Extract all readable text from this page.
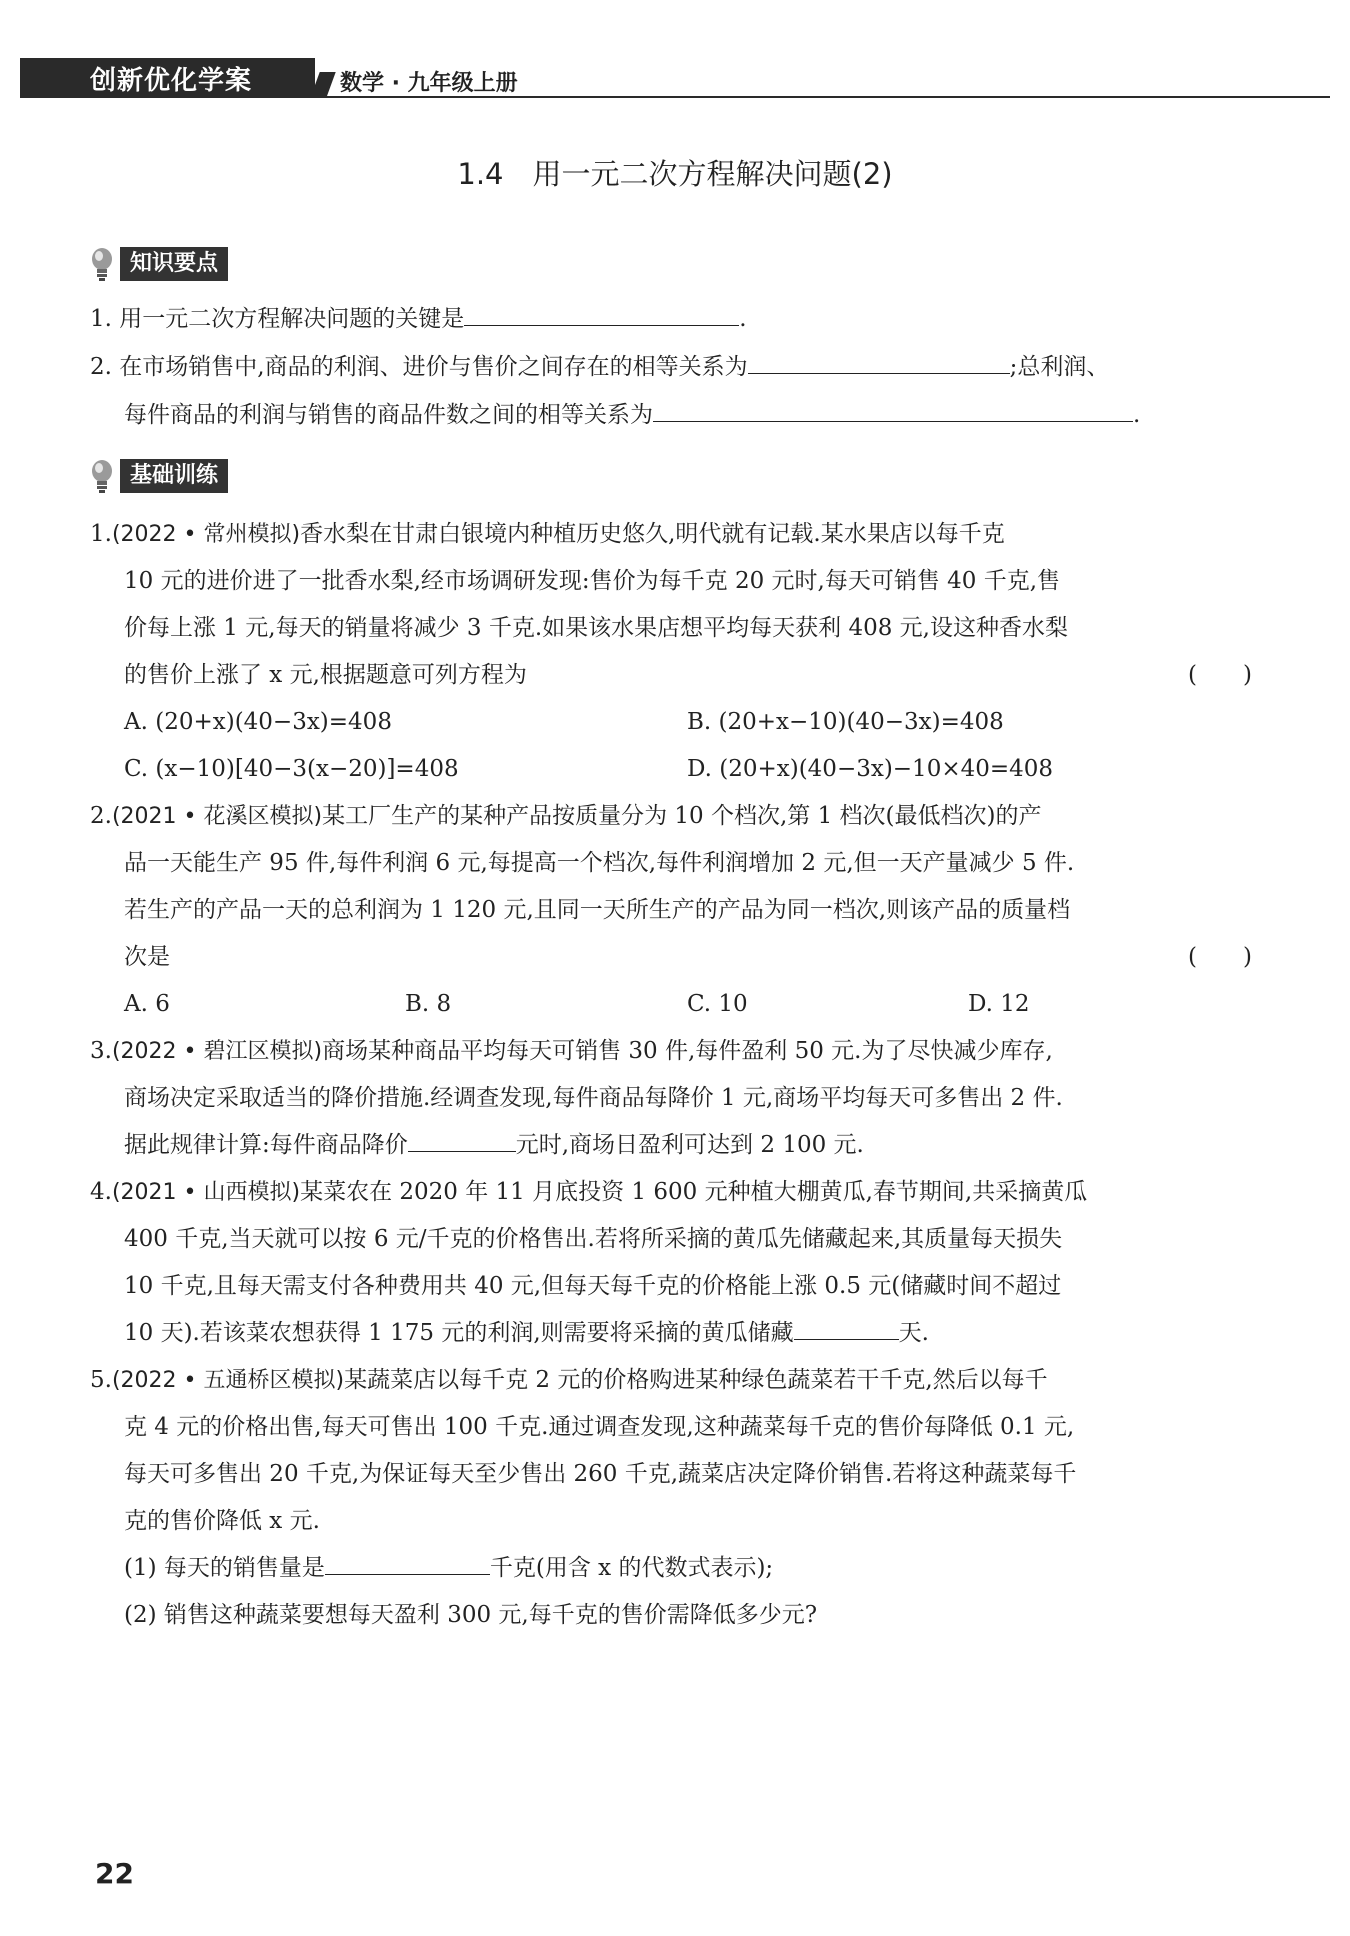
创新优化学案	数学 · 九年级上册
1.4　用一元二次方程解决问题(2)
知识要点
1. 用一元二次方程解决问题的关键是	.
2. 在市场销售中,商品的利润、进价与售价之间存在的相等关系为	;总利润、
每件商品的利润与销售的商品件数之间的相等关系为	.
基础训练
1.(2022 • 常州模拟)香水梨在甘肃白银境内种植历史悠久,明代就有记载.某水果店以每千克
10 元的进价进了一批香水梨,经市场调研发现:售价为每千克 20 元时,每天可销售 40 千克,售
价每上涨 1 元,每天的销量将减少 3 千克.如果该水果店想平均每天获利 408 元,设这种香水梨
的售价上涨了 x 元,根据题意可列方程为	(　　)
A. (20+x)(40−3x)=408	B. (20+x−10)(40−3x)=408
C. (x−10)[40−3(x−20)]=408	D. (20+x)(40−3x)−10×40=408
2.(2021 • 花溪区模拟)某工厂生产的某种产品按质量分为 10 个档次,第 1 档次(最低档次)的产
品一天能生产 95 件,每件利润 6 元,每提高一个档次,每件利润增加 2 元,但一天产量减少 5 件.
若生产的产品一天的总利润为 1 120 元,且同一天所生产的产品为同一档次,则该产品的质量档
次是	(　　)
A. 6	B. 8	C. 10	D. 12
3.(2022 • 碧江区模拟)商场某种商品平均每天可销售 30 件,每件盈利 50 元.为了尽快减少库存,
商场决定采取适当的降价措施.经调查发现,每件商品每降价 1 元,商场平均每天可多售出 2 件.
据此规律计算:每件商品降价	元时,商场日盈利可达到 2 100 元.
4.(2021 • 山西模拟)某菜农在 2020 年 11 月底投资 1 600 元种植大棚黄瓜,春节期间,共采摘黄瓜
400 千克,当天就可以按 6 元/千克的价格售出.若将所采摘的黄瓜先储藏起来,其质量每天损失
10 千克,且每天需支付各种费用共 40 元,但每天每千克的价格能上涨 0.5 元(储藏时间不超过
10 天).若该菜农想获得 1 175 元的利润,则需要将采摘的黄瓜储藏	天.
5.(2022 • 五通桥区模拟)某蔬菜店以每千克 2 元的价格购进某种绿色蔬菜若干千克,然后以每千
克 4 元的价格出售,每天可售出 100 千克.通过调查发现,这种蔬菜每千克的售价每降低 0.1 元,
每天可多售出 20 千克,为保证每天至少售出 260 千克,蔬菜店决定降价销售.若将这种蔬菜每千
克的售价降低 x 元.
(1) 每天的销售量是	千克(用含 x 的代数式表示);
(2) 销售这种蔬菜要想每天盈利 300 元,每千克的售价需降低多少元?
22
